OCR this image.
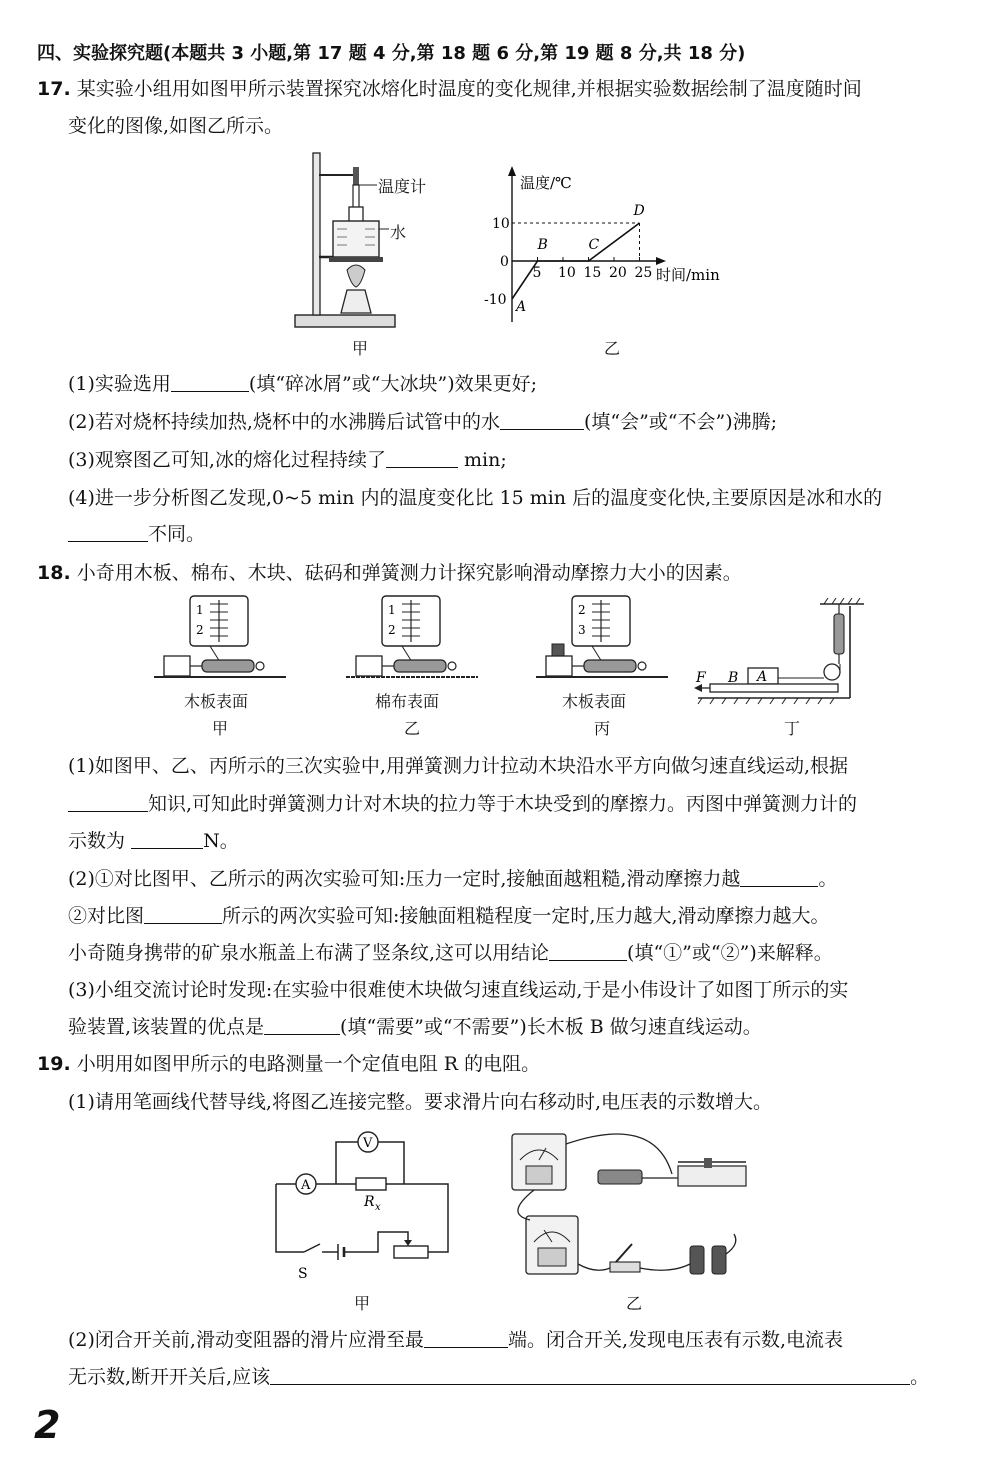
四、实验探究题(本题共 3 小题,第 17 题 4 分,第 18 题 6 分,第 19 题 8 分,共 18 分)
17. 某实验小组用如图甲所示装置探究冰熔化时温度的变化规律,并根据实验数据绘制了温度随时间
变化的图像,如图乙所示。
温度计
水
甲
温度/℃
时间/min
5 10 15 20 25
10
0
-10 A
B	C
D
乙
(1)实验选用	(填“碎冰屑”或“大冰块”)效果更好;
(2)若对烧杯持续加热,烧杯中的水沸腾后试管中的水	(填“会”或“不会”)沸腾;
(3)观察图乙可知,冰的熔化过程持续了	min;
(4)进一步分析图乙发现,0~5 min 内的温度变化比 15 min 后的温度变化快,主要原因是冰和水的
不同。
18. 小奇用木板、棉布、木块、砝码和弹簧测力计探究影响滑动摩擦力大小的因素。
1
2
木板表面
甲
1
2
棉布表面
乙
2
3
木板表面
丙
F B A
丁
(1)如图甲、乙、丙所示的三次实验中,用弹簧测力计拉动木块沿水平方向做匀速直线运动,根据
知识,可知此时弹簧测力计对木块的拉力等于木块受到的摩擦力。丙图中弹簧测力计的
示数为	N。
(2)①对比图甲、乙所示的两次实验可知:压力一定时,接触面越粗糙,滑动摩擦力越	。
②对比图	所示的两次实验可知:接触面粗糙程度一定时,压力越大,滑动摩擦力越大。
小奇随身携带的矿泉水瓶盖上布满了竖条纹,这可以用结论	(填“①”或“②”)来解释。
(3)小组交流讨论时发现:在实验中很难使木块做匀速直线运动,于是小伟设计了如图丁所示的实
验装置,该装置的优点是	(填“需要”或“不需要”)长木板 B 做匀速直线运动。
19. 小明用如图甲所示的电路测量一个定值电阻 R 的电阻。
(1)请用笔画线代替导线,将图乙连接完整。要求滑片向右移动时,电压表的示数增大。
A
V
R x
S
甲	乙
(2)闭合开关前,滑动变阻器的滑片应滑至最	端。闭合开关,发现电压表有示数,电流表
无示数,断开开关后,应该	。
2
